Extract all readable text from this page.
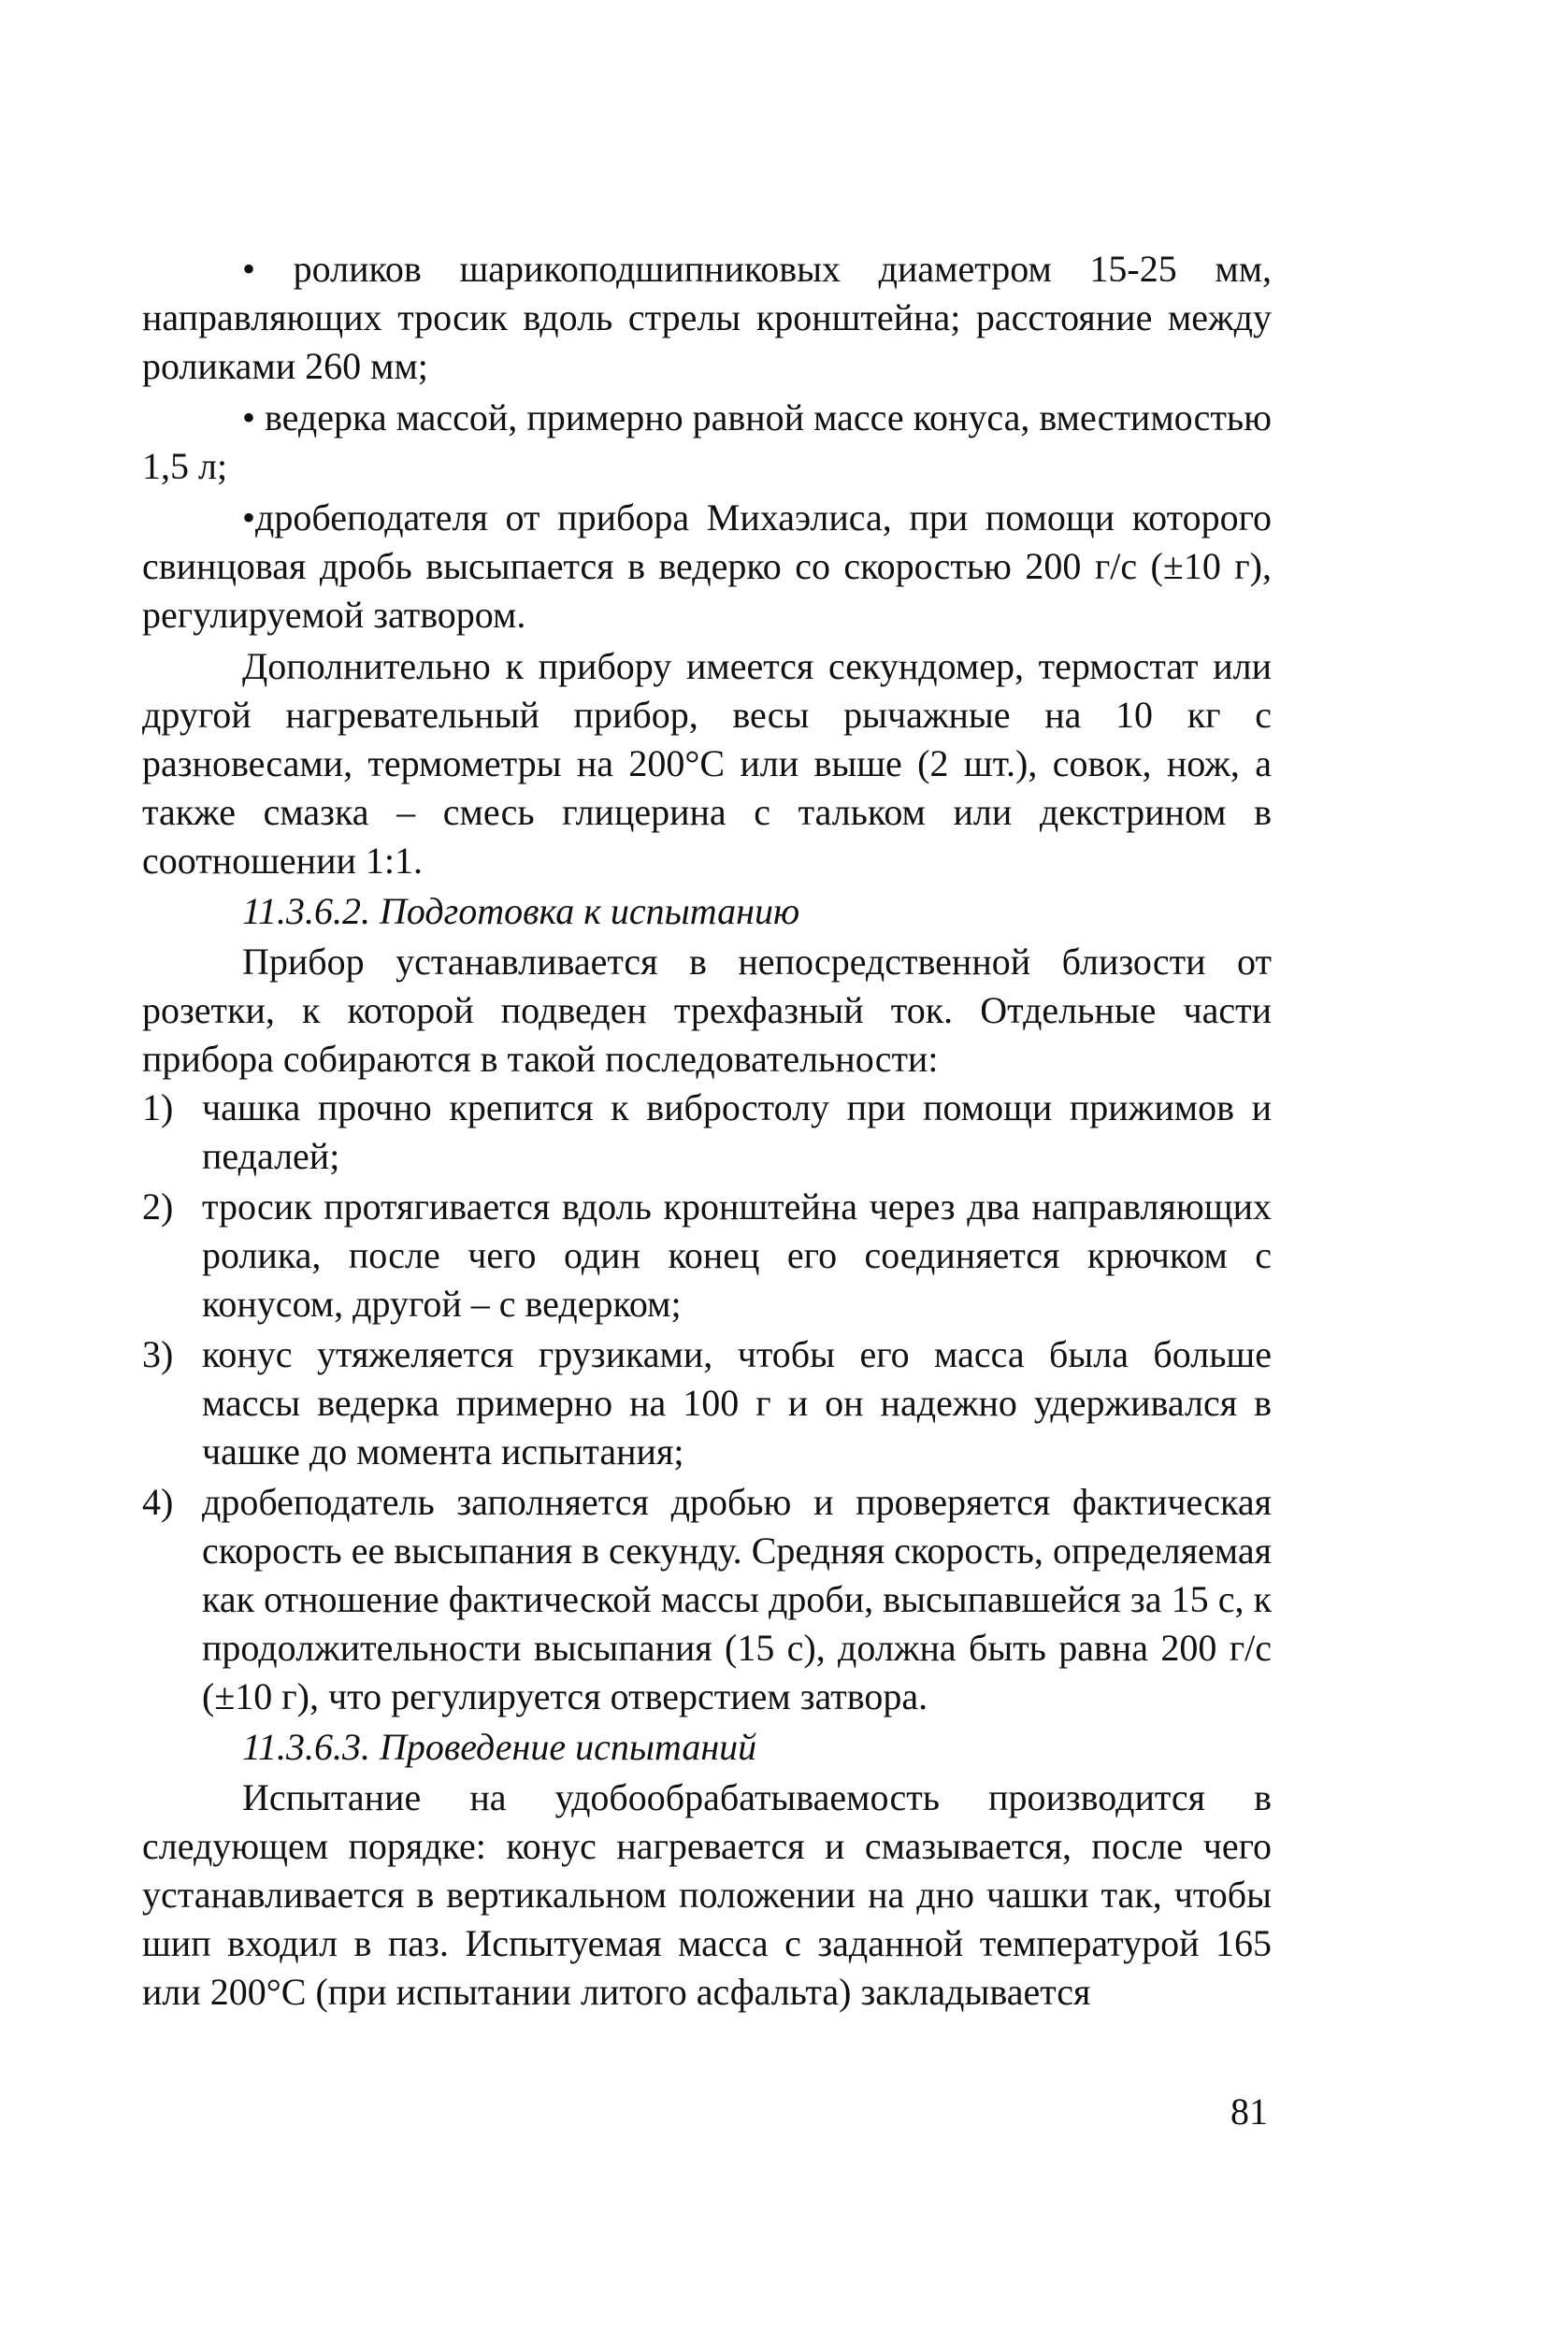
• роликов шарикоподшипниковых диаметром 15-25 мм, направляющих тросик вдоль стрелы кронштейна; расстояние между роликами 260 мм;

• ведерка массой, примерно равной массе конуса, вместимостью 1,5 л;

•дробеподателя от прибора Михаэлиса, при помощи которого свинцовая дробь высыпается в ведерко со скоростью 200 г/с (±10 г), регулируемой затвором.

Дополнительно к прибору имеется секундомер, термостат или другой нагревательный прибор, весы рычажные на 10 кг с разновесами, термометры на 200°С или выше (2 шт.), совок, нож, а также смазка – смесь глицерина с тальком или декстрином в соотношении 1:1.

11.3.6.2. Подготовка к испытанию

Прибор устанавливается в непосредственной близости от розетки, к которой подведен трехфазный ток. Отдельные части прибора собираются в такой последовательности:

1) чашка прочно крепится к вибростолу при помощи прижимов и педалей;
2) тросик протягивается вдоль кронштейна через два направляющих ролика, после чего один конец его соединяется крючком с конусом, другой – с ведерком;
3) конус утяжеляется грузиками, чтобы его масса была больше массы ведерка примерно на 100 г и он надежно удерживался в чашке до момента испытания;
4) дробеподатель заполняется дробью и проверяется фактическая скорость ее высыпания в секунду. Средняя скорость, определяемая как отношение фактической массы дроби, высыпавшейся за 15 с, к продолжительности высыпания (15 с), должна быть равна 200 г/с (±10 г), что регулируется отверстием затвора.

11.3.6.3. Проведение испытаний

Испытание на удобообрабатываемость производится в следующем порядке: конус нагревается и смазывается, после чего устанавливается в вертикальном положении на дно чашки так, чтобы шип входил в паз. Испытуемая масса с заданной температурой 165 или 200°С (при испытании литого асфальта) закладывается

81
